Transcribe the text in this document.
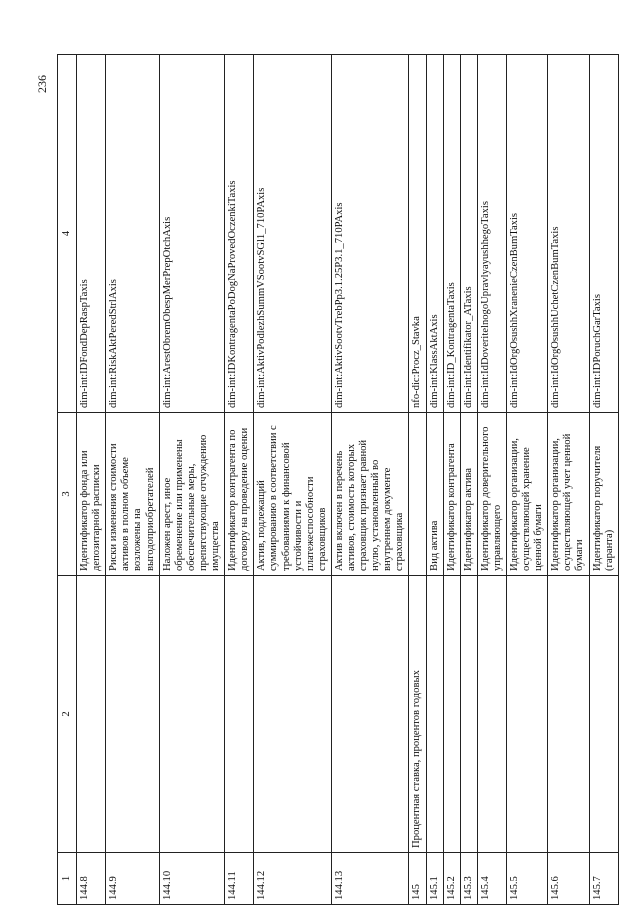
236
1	2	3	4
144.8		Идентификатор фонда или депозитарной расписки	dim-int:IDFondDepRaspTaxis
144.9		Риски изменения стоимости активов в полном объеме возложены на выгодоприобретателей	dim-int:RiskAktPeredStrlAxis
144.10		Наложен арест, иное обременение или применены обеспечительные меры, препятствующие отчуждению имущества	dim-int:ArestObremObespMerPrepOtchAxis
144.11		Идентификатор контрагента по договору на проведение оценки	dim-int:IDKontragentaPoDogNaProvedOczenkiTaxis
144.12		Актив, подлежащий суммированию в соответствии с требованиями к финансовой устойчивости и платежеспособности страховщиков	dim-int:AktivPodlezhSummVSootvSGl1_710PAxis
144.13		Актив включен в перечень активов, стоимость которых страховщик признает равной нулю, установленный во внутреннем документе страховщика	dim-int:AktivSootvTrebPp3.1.25P3.1_710PAxis
145	Процентная ставка, процентов годовых		nfo-dic:Procz_Stavka
145.1		Вид актива	dim-int:KlassAktAxis
145.2		Идентификатор контрагента	dim-int:ID_KontragentaTaxis
145.3		Идентификатор актива	dim-int:Identifikator_ATaxis
145.4		Идентификатор доверительного управляющего	dim-int:IdDoveritelnogoUpravlyayushhegoTaxis
145.5		Идентификатор организации, осуществляющей хранение ценной бумаги	dim-int:IdOrgOsushhXranenieCzenBumTaxis
145.6		Идентификатор организации, осуществляющей учет ценной бумаги	dim-int:IdOrgOsushhUchetCzenBumTaxis
145.7		Идентификатор поручителя (гаранта)	dim-int:IDPoruchGarTaxis
